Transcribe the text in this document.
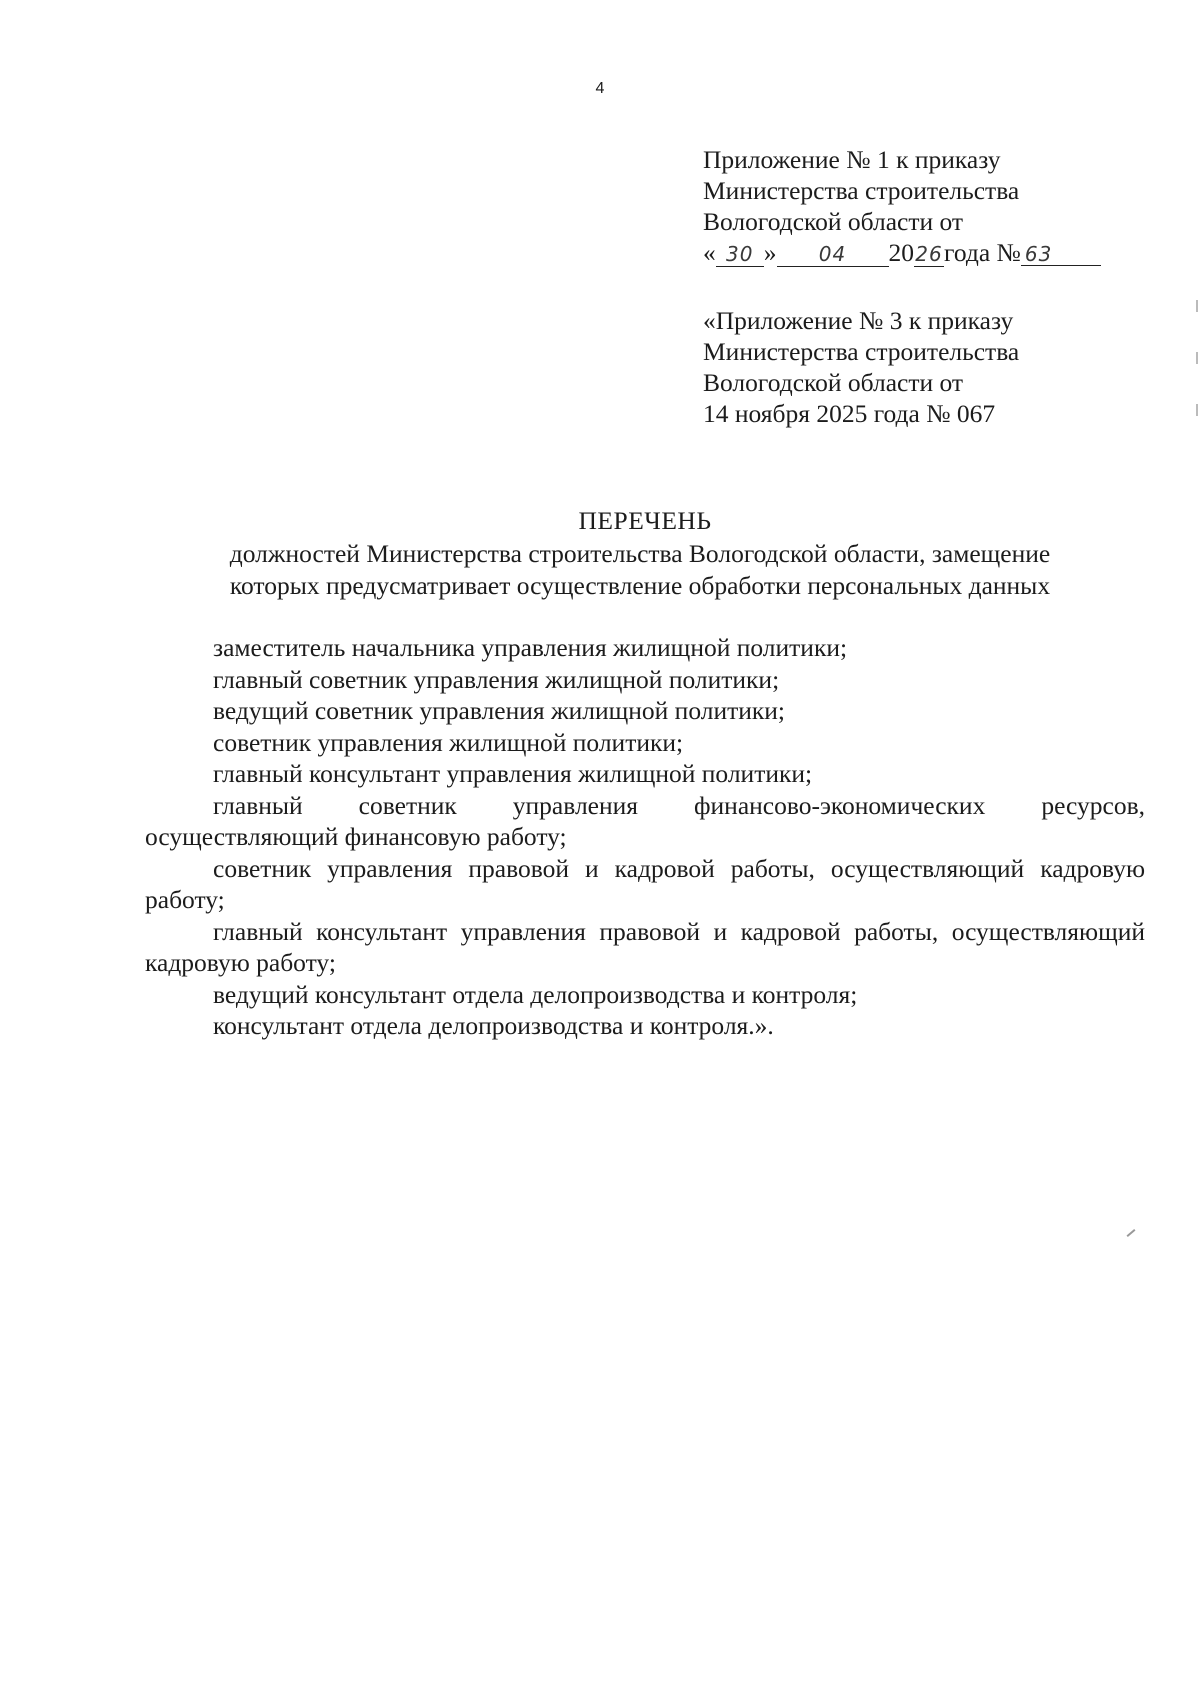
4
Приложение № 1 к приказу
Министерства строительства
Вологодской области от
« 30 » 04 2026года № 63
«Приложение № 3 к приказу
Министерства строительства
Вологодской области от
14 ноября 2025 года № 067
ПЕРЕЧЕНЬ
должностей Министерства строительства Вологодской области, замещение
которых предусматривает осуществление обработки персональных данных
заместитель начальника управления жилищной политики;
главный советник управления жилищной политики;
ведущий советник управления жилищной политики;
советник управления жилищной политики;
главный консультант управления жилищной политики;
главный советник управления финансово-экономических ресурсов, осуществляющий финансовую работу;
советник управления правовой и кадровой работы, осуществляющий кадровую работу;
главный консультант управления правовой и кадровой работы, осуществляющий кадровую работу;
ведущий консультант отдела делопроизводства и контроля;
консультант отдела делопроизводства и контроля.».
